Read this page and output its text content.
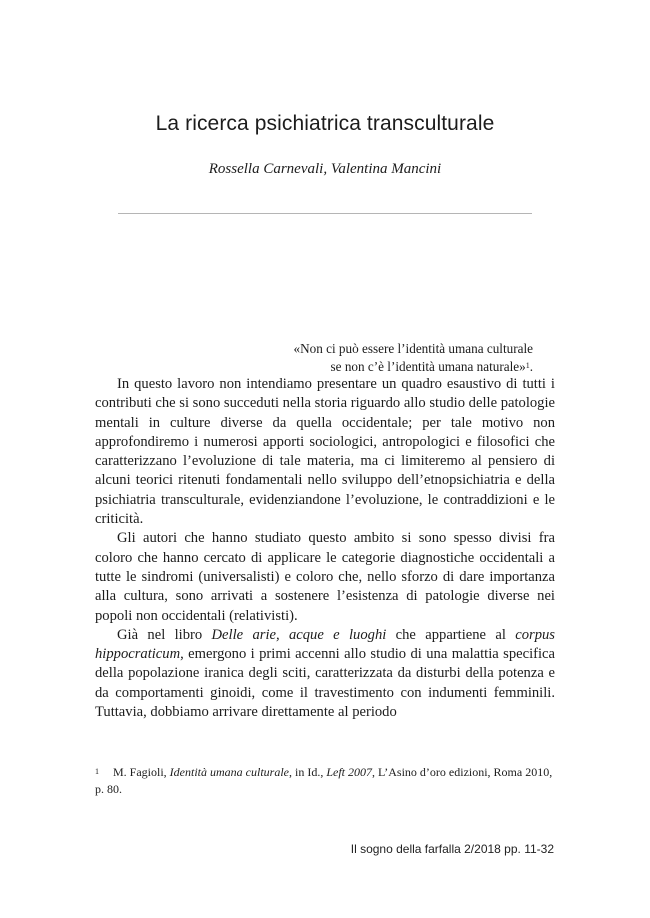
La ricerca psichiatrica transculturale
Rossella Carnevali, Valentina Mancini
«Non ci può essere l’identità umana culturale
se non c’è l’identità umana naturale»$^1$.

In questo lavoro non intendiamo presentare un quadro esaustivo di tutti i contributi che si sono succeduti nella storia riguardo allo studio delle patologie mentali in culture diverse da quella occidentale; per tale motivo non approfondiremo i numerosi apporti sociologici, antropologici e filosofici che caratterizzano l’evoluzione di tale materia, ma ci limiteremo al pensiero di alcuni teorici ritenuti fondamentali nello sviluppo dell’etnopsichiatria e della psichiatria transculturale, evidenziandone l’evoluzione, le contraddizioni e le criticità.

Gli autori che hanno studiato questo ambito si sono spesso divisi fra coloro che hanno cercato di applicare le categorie diagnostiche occidentali a tutte le sindromi (universalisti) e coloro che, nello sforzo di dare importanza alla cultura, sono arrivati a sostenere l’esistenza di patologie diverse nei popoli non occidentali (relativisti).

Già nel libro Delle arie, acque e luoghi che appartiene al corpus hippocraticum, emergono i primi accenni allo studio di una malattia specifica della popolazione iranica degli sciti, caratterizzata da disturbi della potenza e da comportamenti ginoidi, come il travestimento con indumenti femminili. Tuttavia, dobbiamo arrivare direttamente al periodo

$^1$ M. Fagioli, Identità umana culturale, in Id., Left 2007, L’Asino d’oro edizioni, Roma 2010, p. 80.
Il sogno della farfalla 2/2018 pp. 11-32
